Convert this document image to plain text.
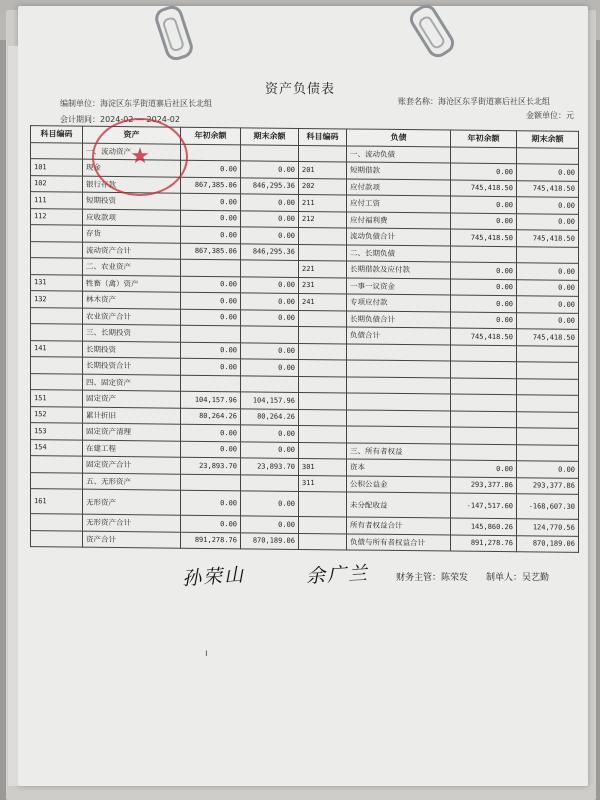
资产负债表
编制单位：海淀区东孚街道寨后社区长北组
会计期间：2024-02 — 2024-02
账套名称：海沧区东孚街道寨后社区长北组
金额单位：元
科目编码	资产	年初余额	期末余额	科目编码	负债	年初余额	期末余额
	一、流动资产				一、流动负债		
101	现金	0.00	0.00	201	短期借款	0.00	0.00
102	银行存款	867,385.06	846,295.36	202	应付款项	745,418.50	745,418.50
111	短期投资	0.00	0.00	211	应付工资	0.00	0.00
112	应收款项	0.00	0.00	212	应付福利费	0.00	0.00
	存货	0.00	0.00		流动负债合计	745,418.50	745,418.50
	流动资产合计	867,385.06	846,295.36		二、长期负债		
	二、农业资产			221	长期借款及应付款	0.00	0.00
131	牲畜（禽）资产	0.00	0.00	231	一事一议资金	0.00	0.00
132	林木资产	0.00	0.00	241	专项应付款	0.00	0.00
	农业资产合计	0.00	0.00		长期负债合计	0.00	0.00
	三、长期投资				负债合计	745,418.50	745,418.50
141	长期投资	0.00	0.00				
	长期投资合计	0.00	0.00				
	四、固定资产						
151	固定资产	104,157.96	104,157.96				
152	累计折旧	80,264.26	80,264.26				
153	固定资产清理	0.00	0.00				
154	在建工程	0.00	0.00		三、所有者权益		
	固定资产合计	23,893.70	23,893.70	301	资本	0.00	0.00
	五、无形资产			311	公积公益金	293,377.86	293,377.86
161	无形资产	0.00	0.00		未分配收益	-147,517.60	-168,607.30
	无形资产合计	0.00	0.00		所有者权益合计	145,860.26	124,770.56
	资产合计	891,278.76	870,189.06		负债与所有者权益合计	891,278.76	870,189.06
★
孙荣山	余广兰	财务主管：陈荣发 制单人：吴艺勤
ı
